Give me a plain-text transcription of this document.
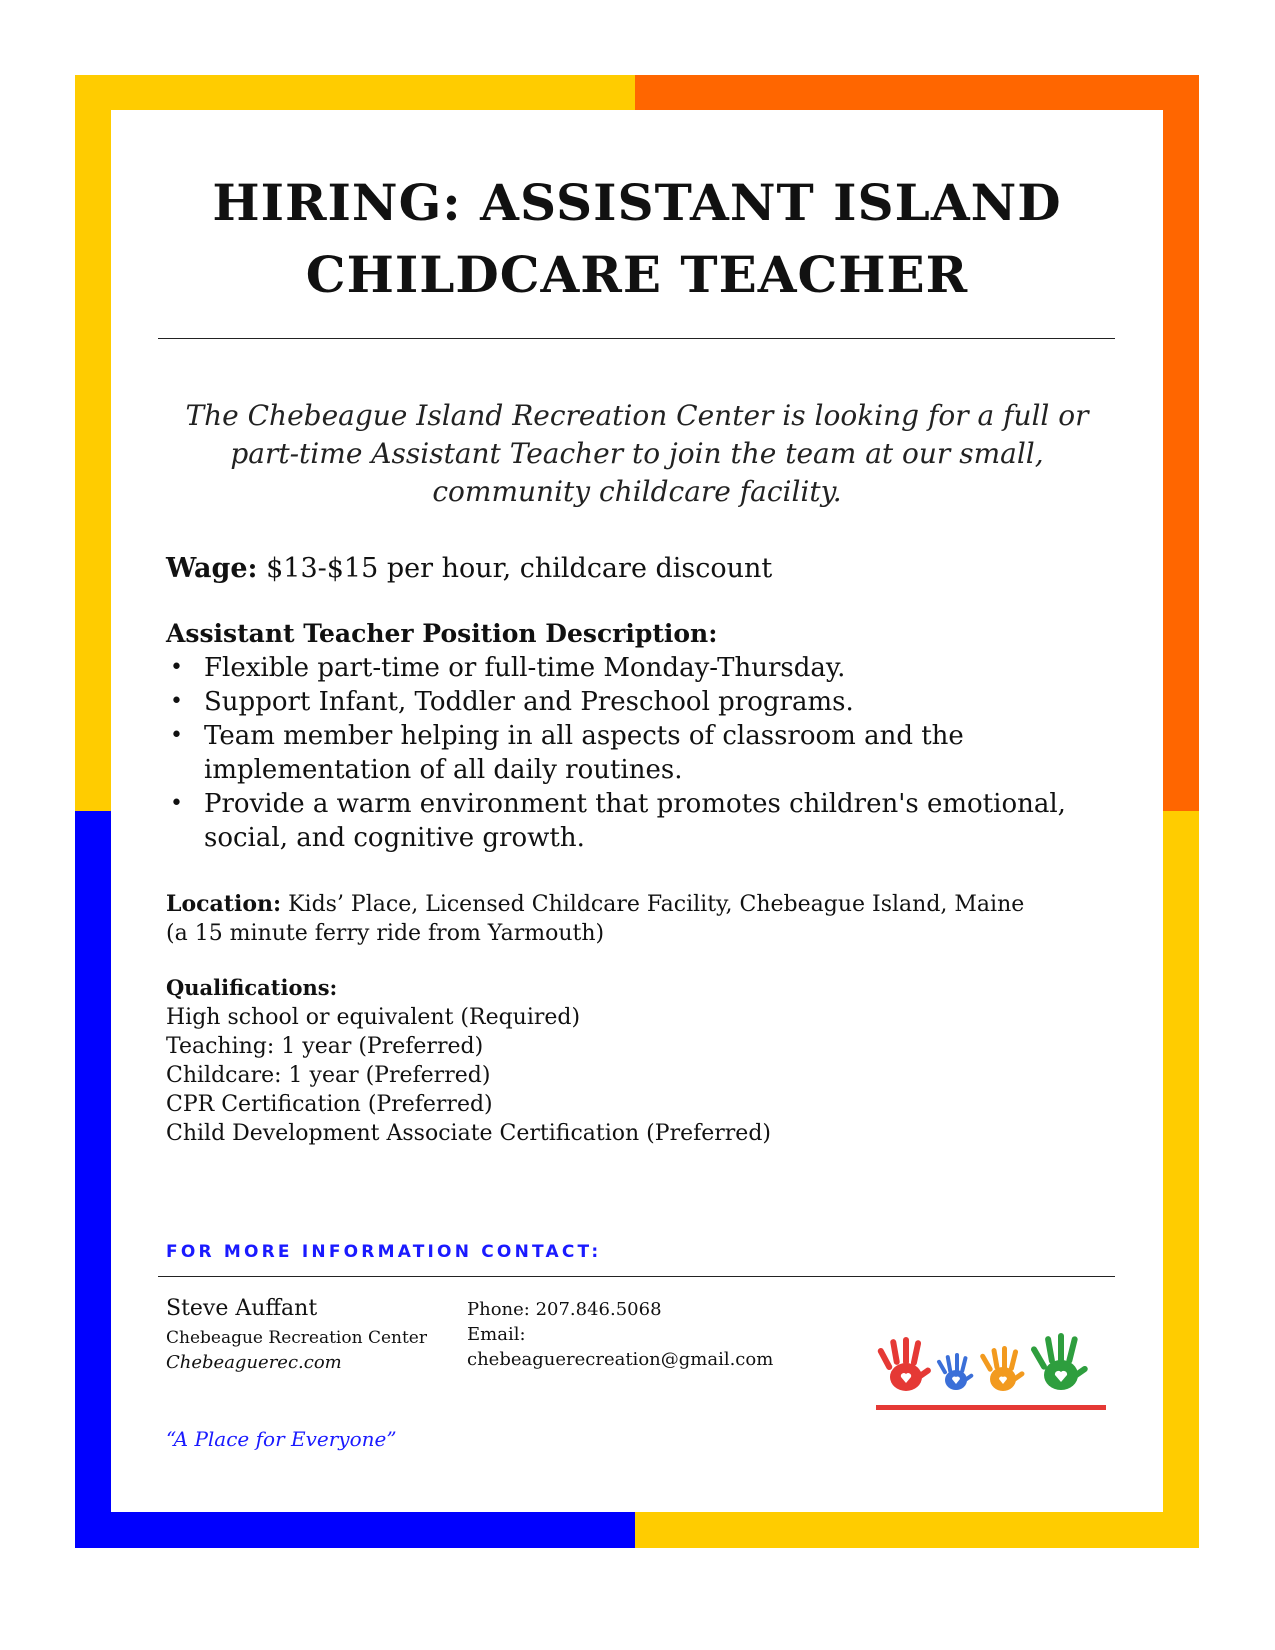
HIRING: ASSISTANT ISLAND
CHILDCARE TEACHER

The Chebeague Island Recreation Center is looking for a full or part-time Assistant Teacher to join the team at our small, community childcare facility.

Wage: $13-$15 per hour, childcare discount

Assistant Teacher Position Description:

• Flexible part-time or full-time Monday-Thursday.
• Support Infant, Toddler and Preschool programs.
• Team member helping in all aspects of classroom and the implementation of all daily routines.
• Provide a warm environment that promotes children's emotional, social, and cognitive growth.

Location: Kids’ Place, Licensed Childcare Facility, Chebeague Island, Maine (a 15 minute ferry ride from Yarmouth)

Qualifications:

High school or equivalent (Required)
Teaching: 1 year (Preferred)
Childcare: 1 year (Preferred)
CPR Certification (Preferred)
Child Development Associate Certification (Preferred)

FOR MORE INFORMATION CONTACT:

Steve Auffant

Chebeague Recreation Center

Chebeaguerec.com

Phone: 207.846.5068

Email:

chebeaguerecreation@gmail.com

“A Place for Everyone”
